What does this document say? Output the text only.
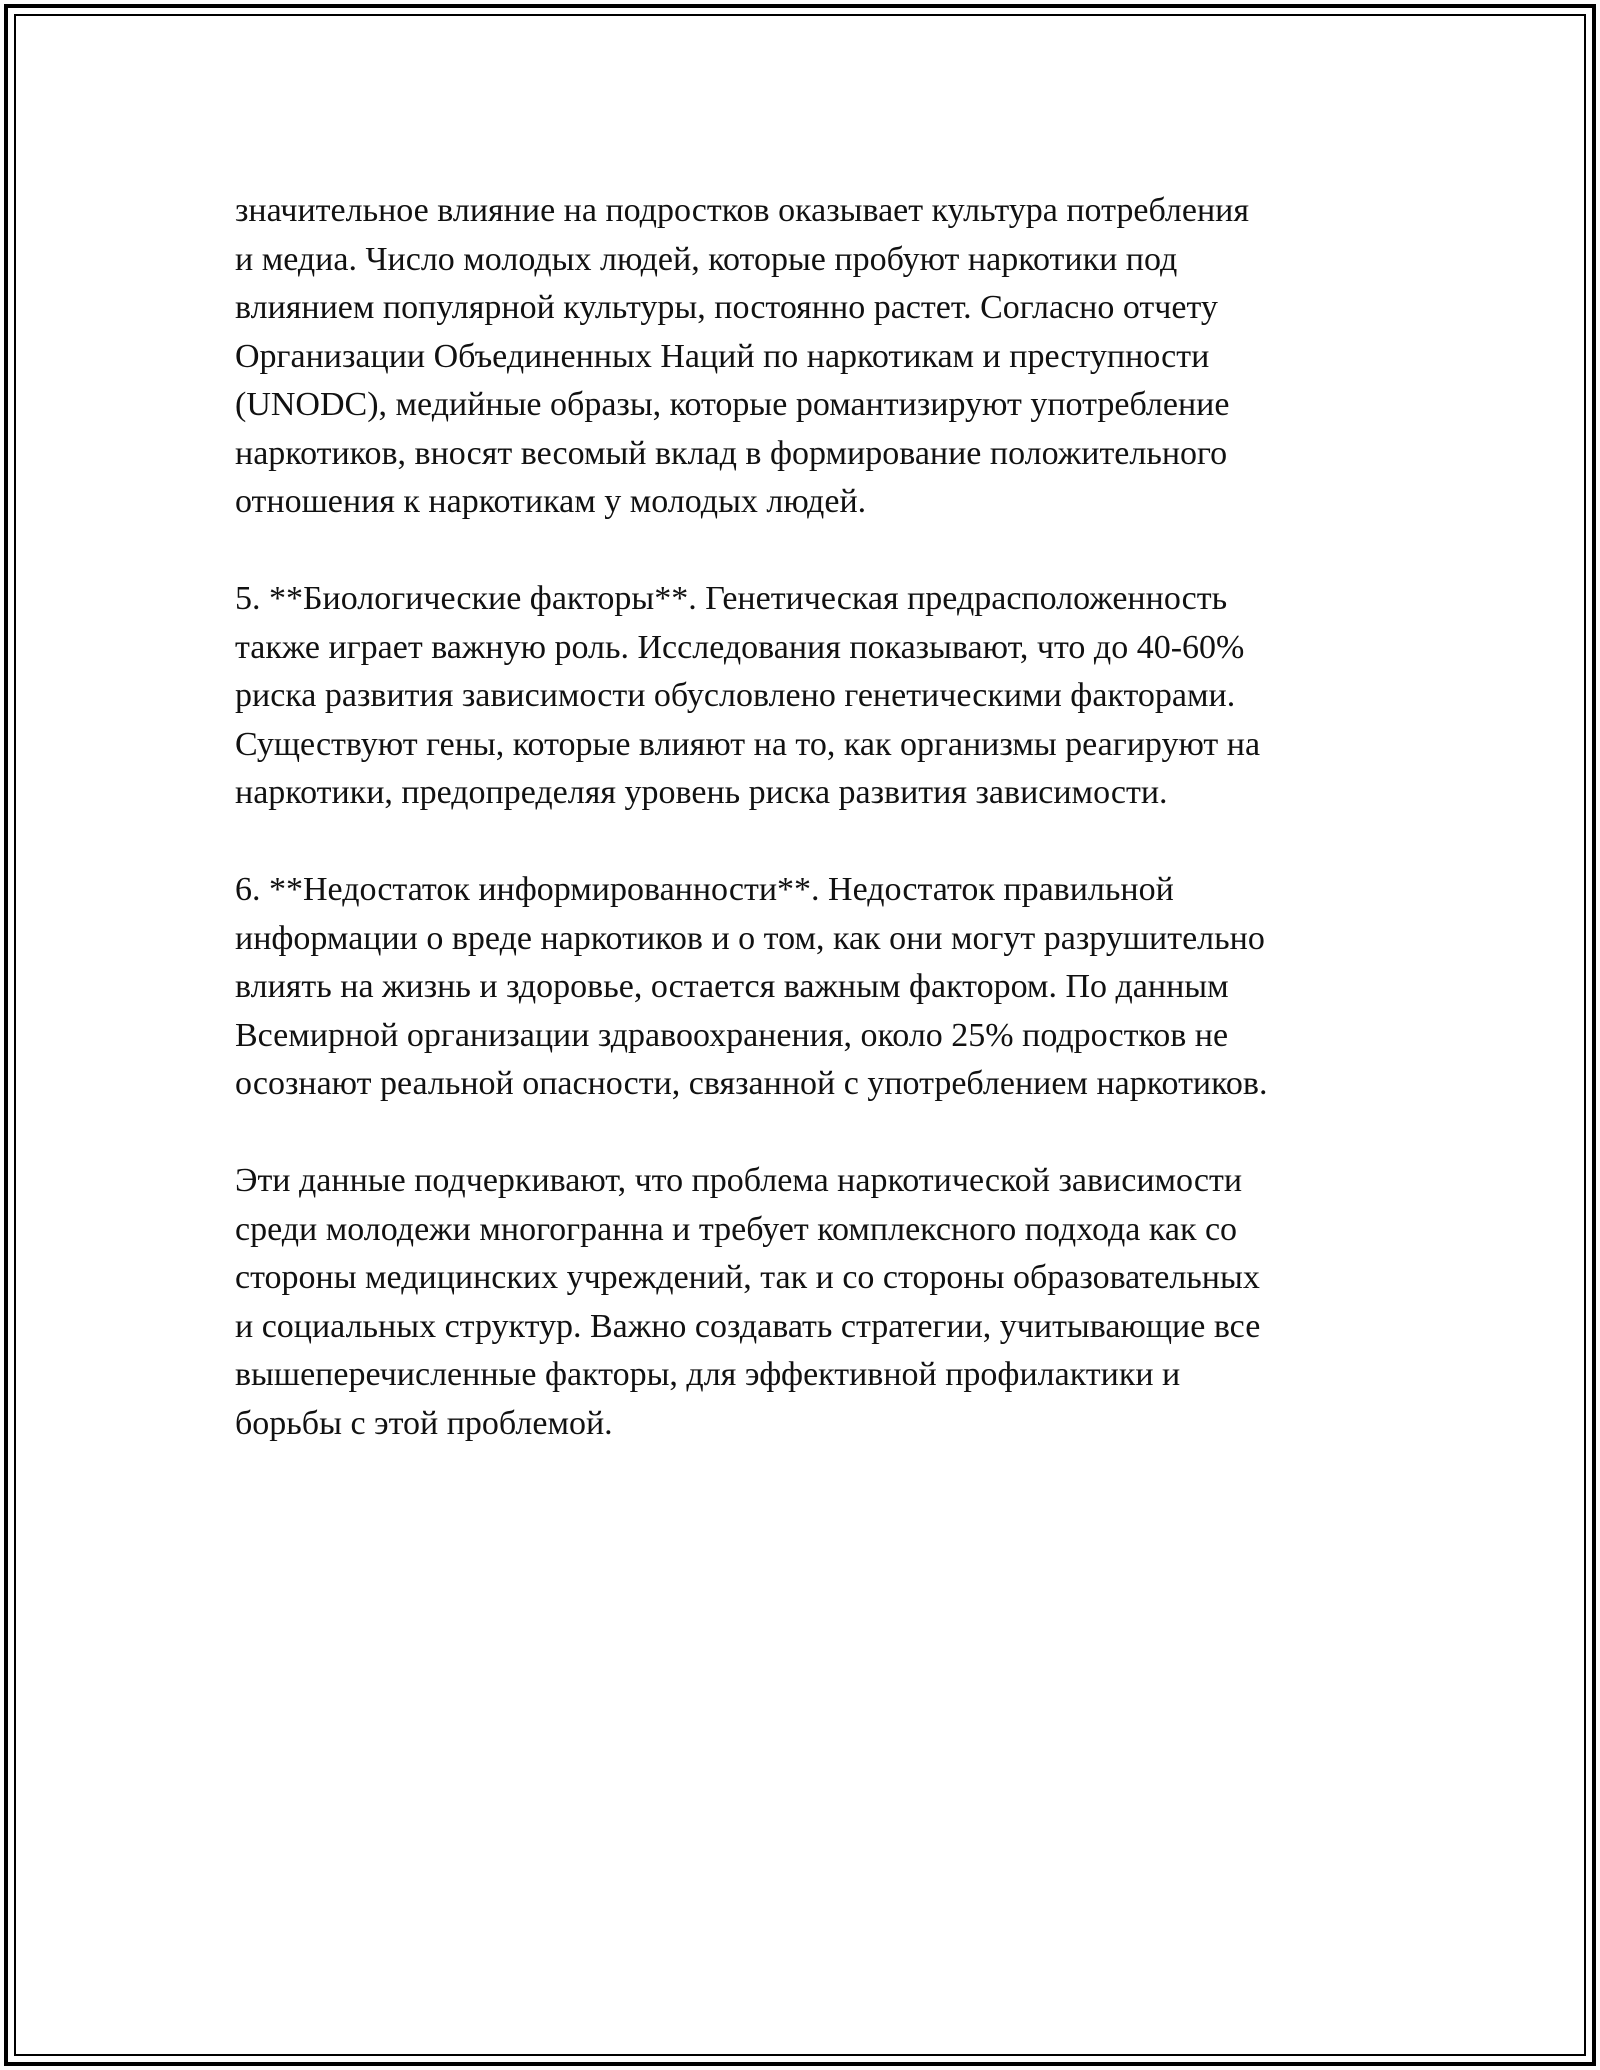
значительное влияние на подростков оказывает культура потребления
и медиа. Число молодых людей, которые пробуют наркотики под
влиянием популярной культуры, постоянно растет. Согласно отчету
Организации Объединенных Наций по наркотикам и преступности
(UNODC), медийные образы, которые романтизируют употребление
наркотиков, вносят весомый вклад в формирование положительного
отношения к наркотикам у молодых людей.
5. **Биологические факторы**. Генетическая предрасположенность
также играет важную роль. Исследования показывают, что до 40-60%
риска развития зависимости обусловлено генетическими факторами.
Существуют гены, которые влияют на то, как организмы реагируют на
наркотики, предопределяя уровень риска развития зависимости.
6. **Недостаток информированности**. Недостаток правильной
информации о вреде наркотиков и о том, как они могут разрушительно
влиять на жизнь и здоровье, остается важным фактором. По данным
Всемирной организации здравоохранения, около 25% подростков не
осознают реальной опасности, связанной с употреблением наркотиков.
Эти данные подчеркивают, что проблема наркотической зависимости
среди молодежи многогранна и требует комплексного подхода как со
стороны медицинских учреждений, так и со стороны образовательных
и социальных структур. Важно создавать стратегии, учитывающие все
вышеперечисленные факторы, для эффективной профилактики и
борьбы с этой проблемой.
